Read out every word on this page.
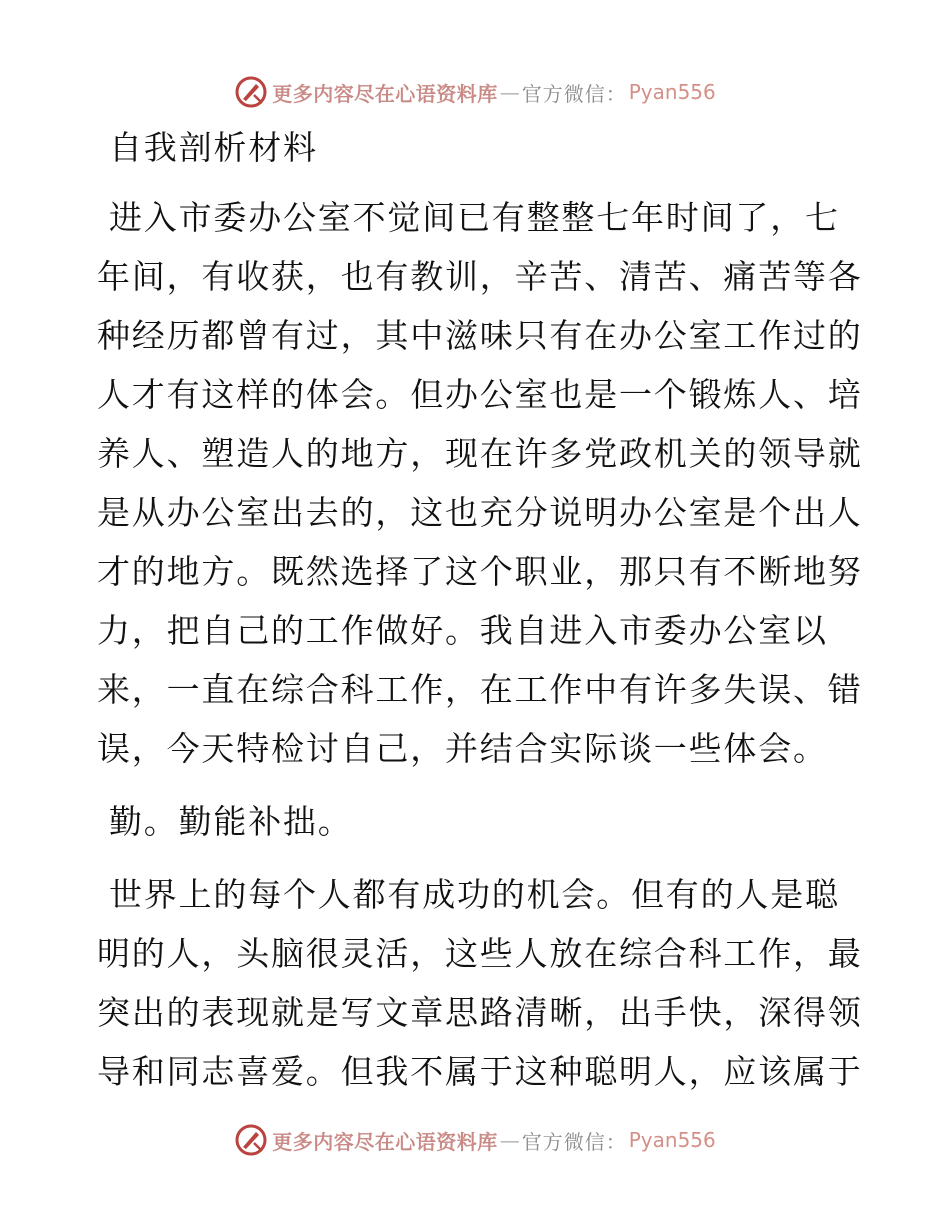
更多内容尽在心语资料库 — 官方微信： Pyan556
自我剖析材料
进入市委办公室不觉间已有整整七年时间了，七
年间，有收获，也有教训，辛苦、清苦、痛苦等各
种经历都曾有过，其中滋味只有在办公室工作过的
人才有这样的体会。但办公室也是一个锻炼人、培
养人、塑造人的地方，现在许多党政机关的领导就
是从办公室出去的，这也充分说明办公室是个出人
才的地方。既然选择了这个职业，那只有不断地努
力，把自己的工作做好。我自进入市委办公室以
来，一直在综合科工作，在工作中有许多失误、错
误，今天特检讨自己，并结合实际谈一些体会。
勤。勤能补拙。
世界上的每个人都有成功的机会。但有的人是聪
明的人，头脑很灵活，这些人放在综合科工作，最
突出的表现就是写文章思路清晰，出手快，深得领
导和同志喜爱。但我不属于这种聪明人，应该属于
更多内容尽在心语资料库 — 官方微信： Pyan556
